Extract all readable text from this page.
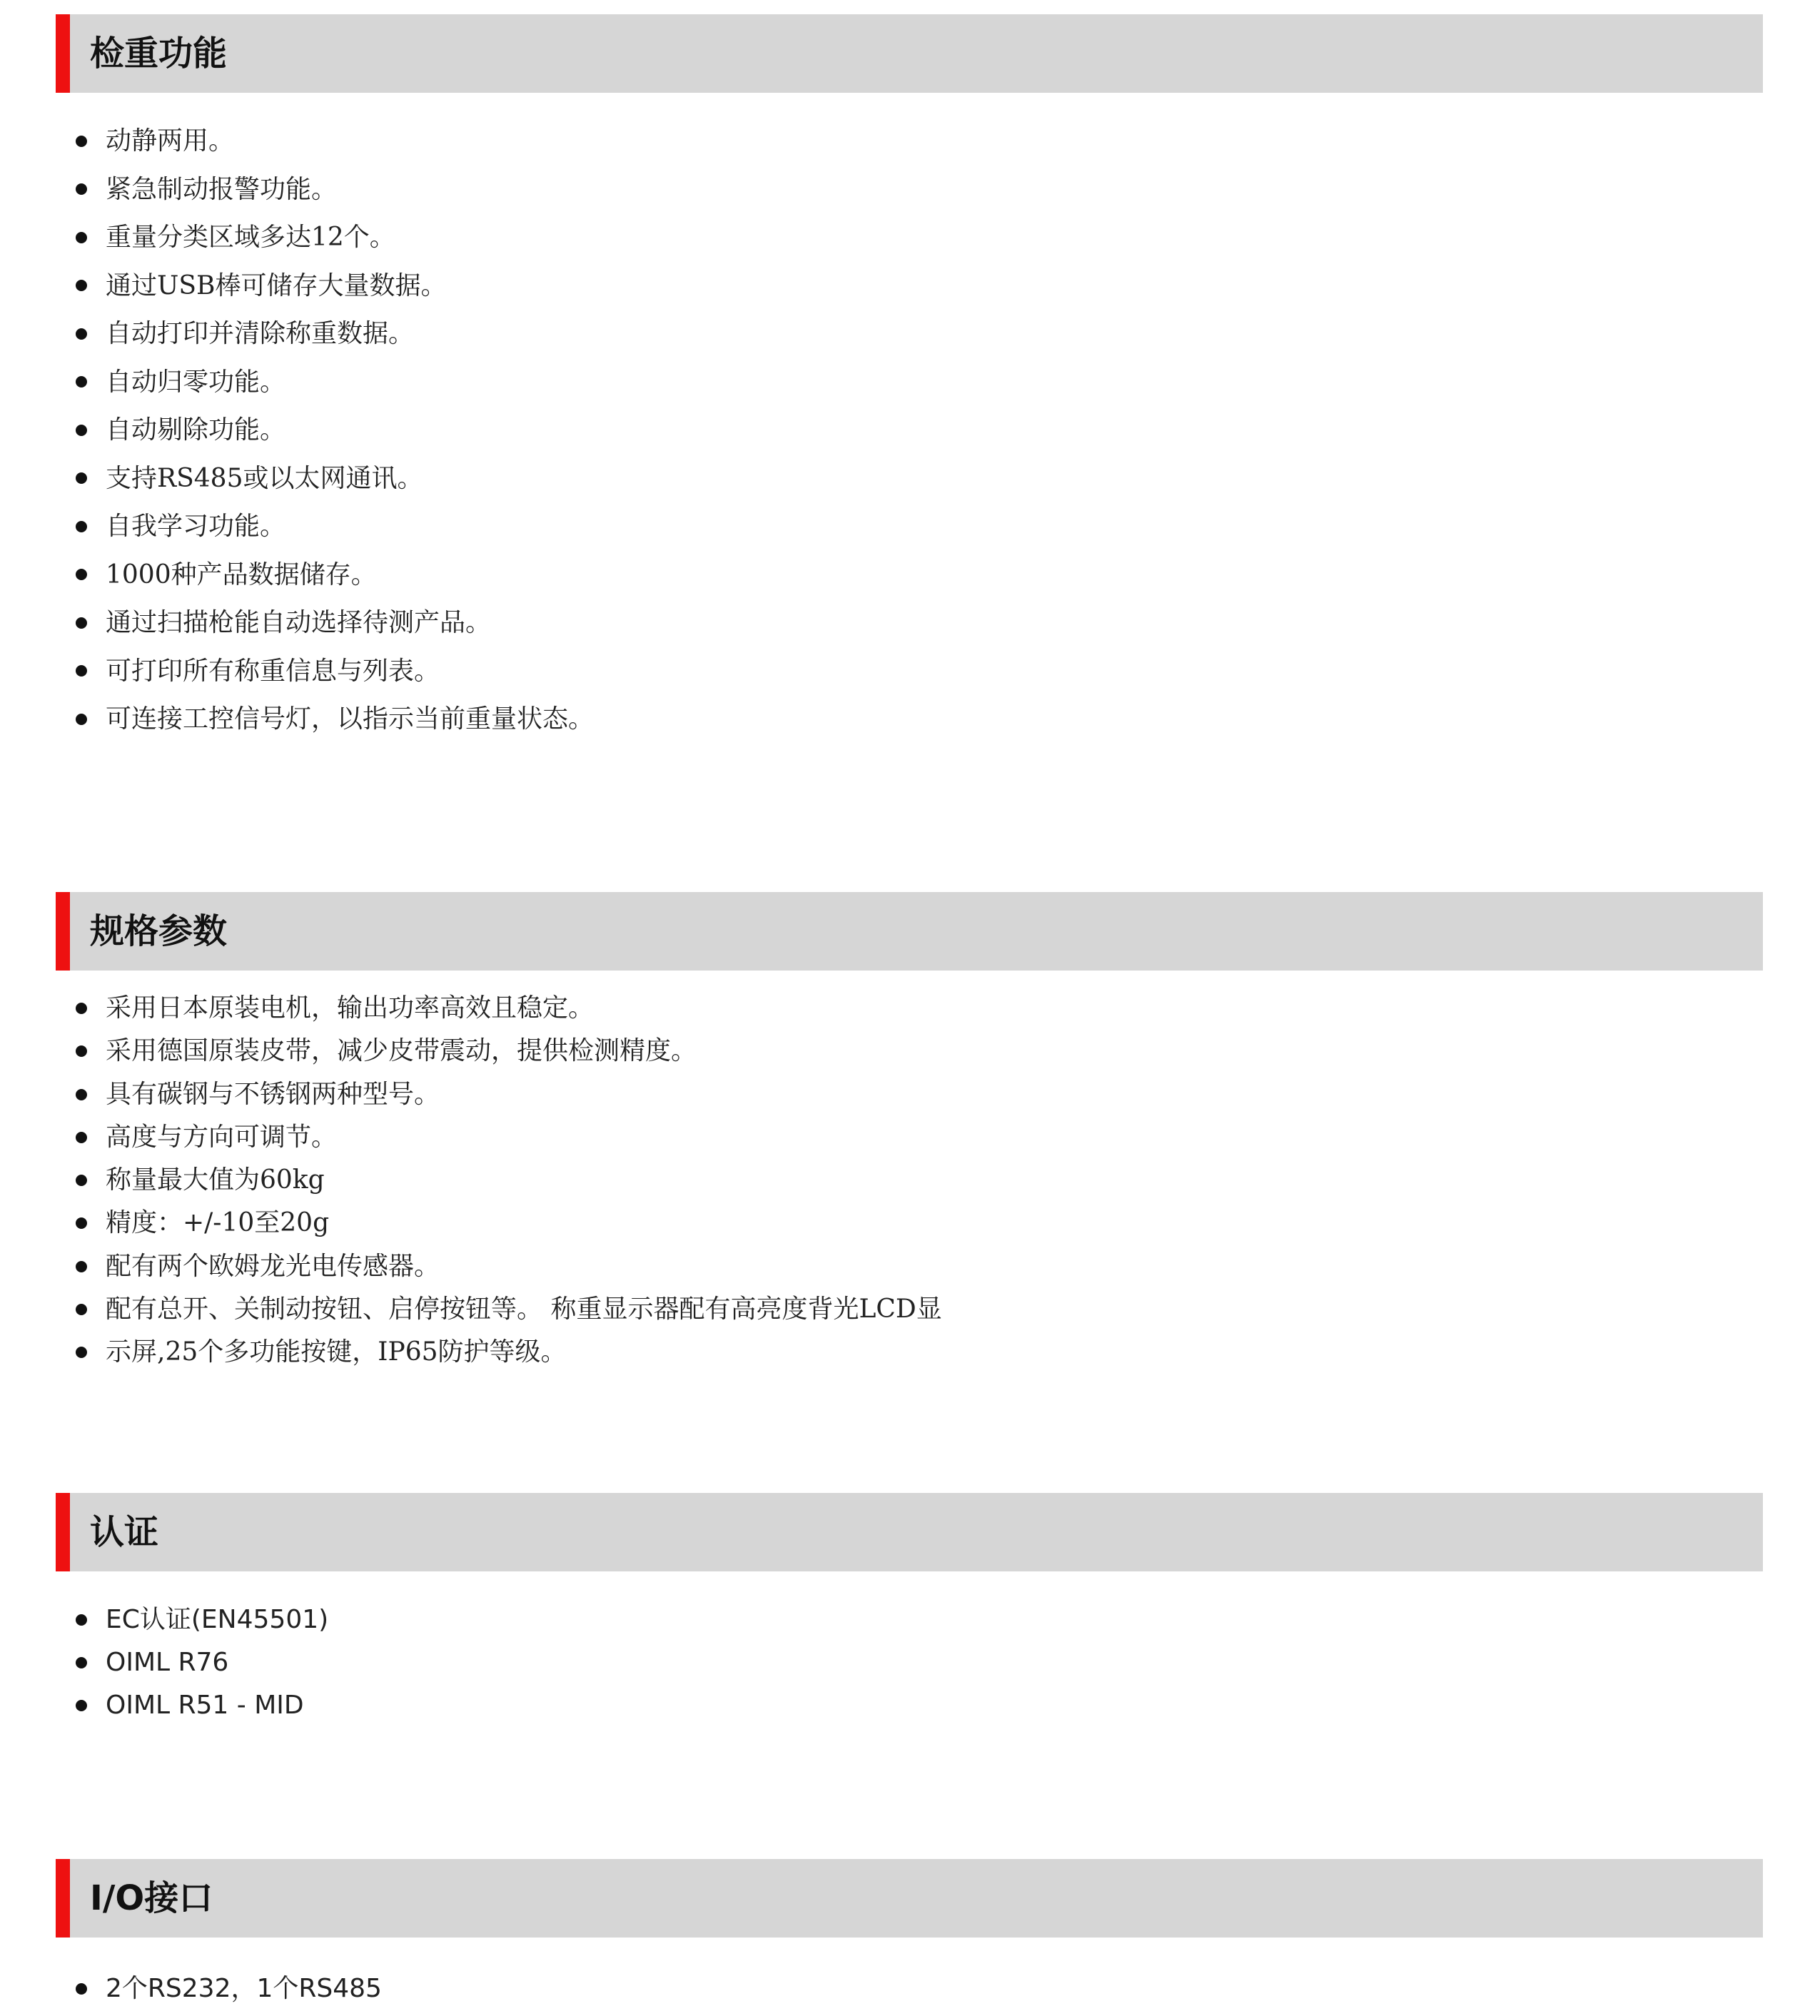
检重功能
动静两用。
紧急制动报警功能。
重量分类区域多达12个。
通过USB棒可储存大量数据。
自动打印并清除称重数据。
自动归零功能。
自动剔除功能。
支持RS485或以太网通讯。
自我学习功能。
1000种产品数据储存。
通过扫描枪能自动选择待测产品。
可打印所有称重信息与列表。
可连接工控信号灯，以指示当前重量状态。
规格参数
采用日本原装电机，输出功率高效且稳定。
采用德国原装皮带，减少皮带震动，提供检测精度。
具有碳钢与不锈钢两种型号。
高度与方向可调节。
称量最大值为60kg
精度：+/-10至20g
配有两个欧姆龙光电传感器。
配有总开、关制动按钮、启停按钮等。 称重显示器配有高亮度背光LCD显
示屏,25个多功能按键，IP65防护等级。
认证
EC认证(EN45501)
OIML R76
OIML R51 - MID
I/O接口
2个RS232，1个RS485
